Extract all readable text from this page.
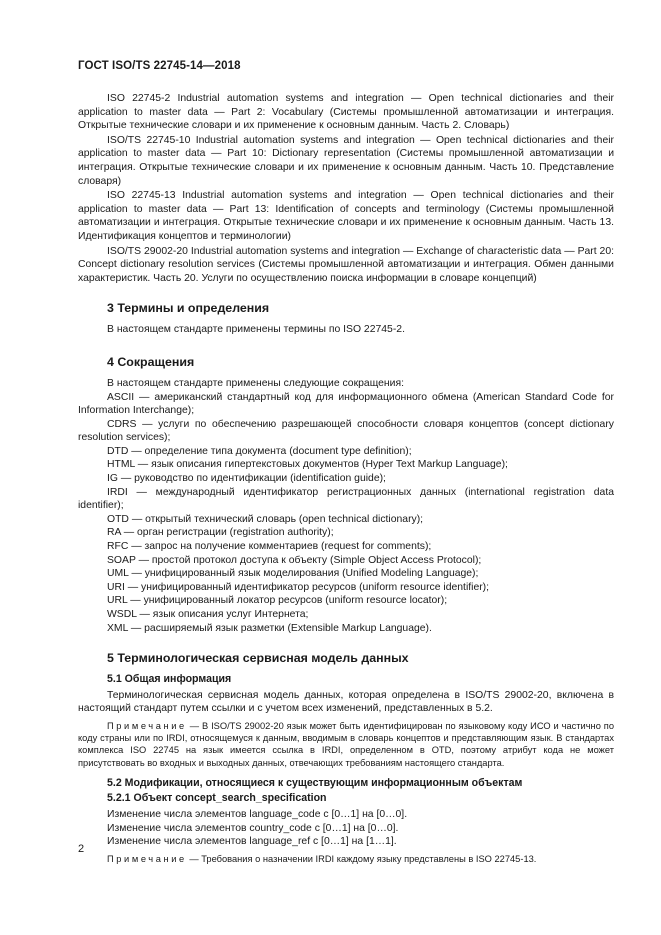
ГОСТ ISO/TS 22745-14—2018

ISO 22745-2 Industrial automation systems and integration — Open technical dictionaries and their application to master data — Part 2: Vocabulary (Системы промышленной автоматизации и интеграция. Открытые технические словари и их применение к основным данным. Часть 2. Словарь)

ISO/TS 22745-10 Industrial automation systems and integration — Open technical dictionaries and their application to master data — Part 10: Dictionary representation (Системы промышленной автоматизации и интеграция. Открытые технические словари и их применение к основным данным. Часть 10. Представление словаря)

ISO 22745-13 Industrial automation systems and integration — Open technical dictionaries and their application to master data — Part 13: Identification of concepts and terminology (Системы промышленной автоматизации и интеграция. Открытые технические словари и их применение к основным данным. Часть 13. Идентификация концептов и терминологии)

ISO/TS 29002-20 Industrial automation systems and integration — Exchange of characteristic data — Part 20: Concept dictionary resolution services (Системы промышленной автоматизации и интеграция. Обмен данными характеристик. Часть 20. Услуги по осуществлению поиска информации в словаре концепций)

3 Термины и определения

В настоящем стандарте применены термины по ISO 22745-2.

4 Сокращения

В настоящем стандарте применены следующие сокращения:

ASCII — американский стандартный код для информационного обмена (American Standard Code for Information Interchange);

CDRS — услуги по обеспечению разрешающей способности словаря концептов (concept dictionary resolution services);

DTD — определение типа документа (document type definition);

HTML — язык описания гипертекстовых документов (Hyper Text Markup Language);

IG — руководство по идентификации (identification guide);

IRDI — международный идентификатор регистрационных данных (international registration data identifier);

OTD — открытый технический словарь (open technical dictionary);

RA — орган регистрации (registration authority);

RFC — запрос на получение комментариев (request for comments);

SOAP — простой протокол доступа к объекту (Simple Object Access Protocol);

UML — унифицированный язык моделирования (Unified Modeling Language);

URI — унифицированный идентификатор ресурсов (uniform resource identifier);

URL — унифицированный локатор ресурсов (uniform resource locator);

WSDL — язык описания услуг Интернета;

XML — расширяемый язык разметки (Extensible Markup Language).

5 Терминологическая сервисная модель данных
5.1 Общая информация

Терминологическая сервисная модель данных, которая определена в ISO/TS 29002-20, включена в настоящий стандарт путем ссылки и с учетом всех изменений, представленных в 5.2.

Примечание — В ISO/TS 29002-20 язык может быть идентифицирован по языковому коду ИСО и частично по коду страны или по IRDI, относящемуся к данным, вводимым в словарь концептов и представляющим язык. В стандартах комплекса ISO 22745 на язык имеется ссылка в IRDI, определенном в OTD, поэтому атрибут кода не может присутствовать во входных и выходных данных, отвечающих требованиям настоящего стандарта.

5.2 Модификации, относящиеся к существующим информационным объектам
5.2.1 Объект concept_search_specification

Изменение числа элементов language_code с [0…1] на [0…0].

Изменение числа элементов country_code с [0…1] на [0…0].

Изменение числа элементов language_ref с [0…1] на [1…1].

Примечание — Требования о назначении IRDI каждому языку представлены в ISO 22745-13.

2
